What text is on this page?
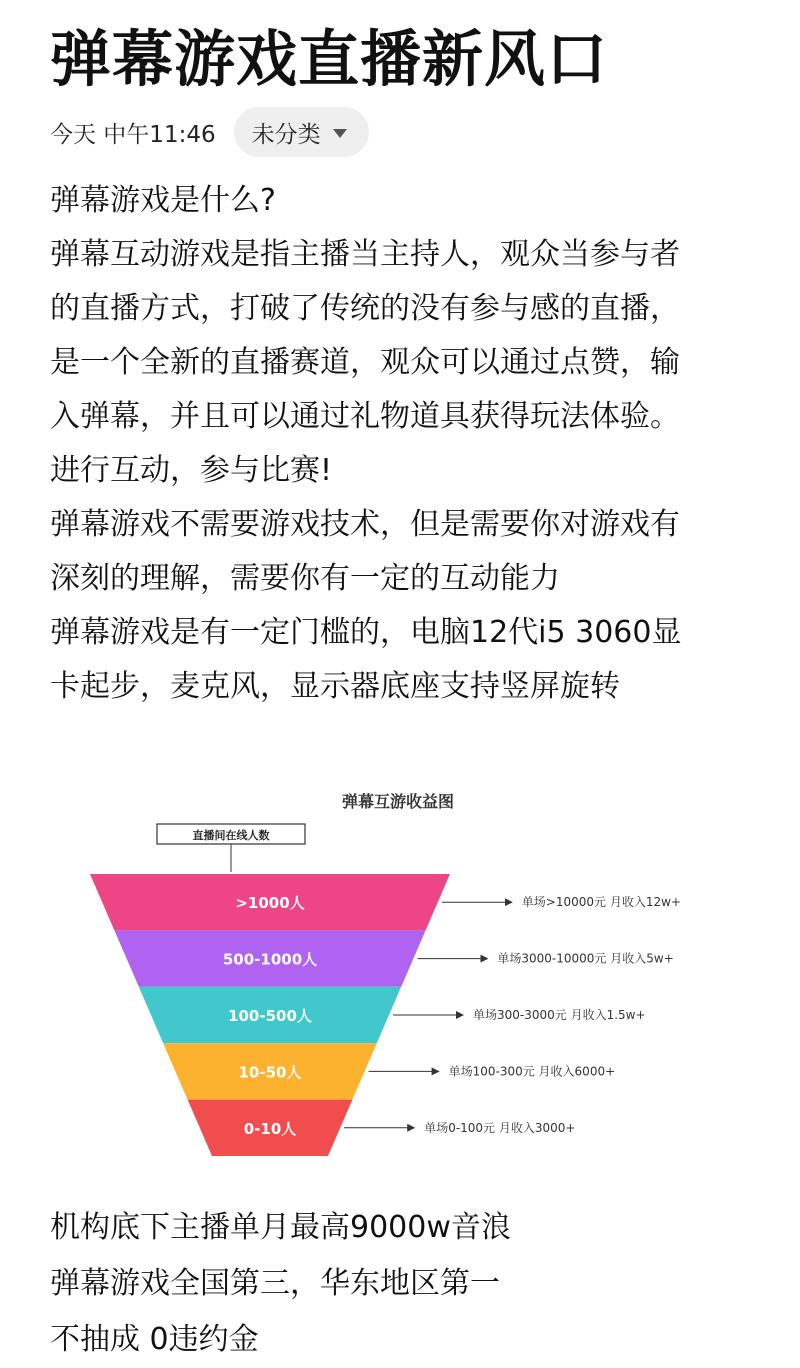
弹幕游戏直播新风口
今天 中午11:46 未分类

弹幕游戏是什么?

弹幕互动游戏是指主播当主持人，观众当参与者

的直播方式，打破了传统的没有参与感的直播，

是一个全新的直播赛道，观众可以通过点赞，输

入弹幕，并且可以通过礼物道具获得玩法体验。

进行互动，参与比赛!

弹幕游戏不需要游戏技术，但是需要你对游戏有

深刻的理解，需要你有一定的互动能力

弹幕游戏是有一定门槛的，电脑12代i5 3060显

卡起步，麦克风，显示器底座支持竖屏旋转

弹幕互游收益图
直播间在线人数
>1000人	单场>10000元 月收入12w+
500-1000人	单场3000-10000元 月收入5w+
100-500人	单场300-3000元 月收入1.5w+
10-50人	单场100-300元 月收入6000+
0-10人	单场0-100元 月收入3000+

机构底下主播单月最高9000w音浪

弹幕游戏全国第三，华东地区第一

不抽成 0违约金
